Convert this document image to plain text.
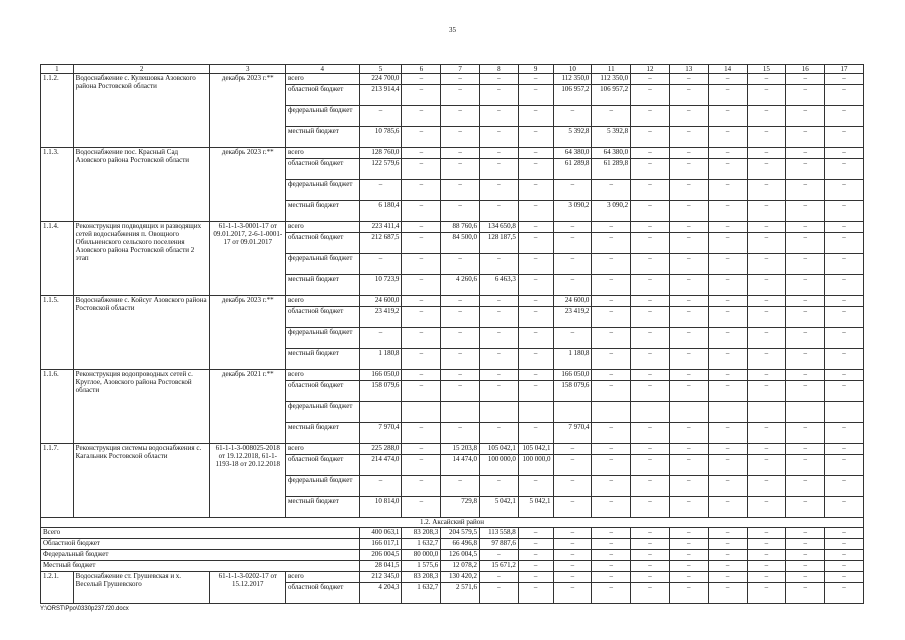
35
1	2	3	4	5	6	7	8	9	10	11	12	13	14	15	16	17
1.1.2.	Водоснабжение с. Кулешовка Азовского района Ростовской области	декабрь 2023 г.**	всего	224 700,0	–	–	–	–	112 350,0	112 350,0	–	–	–	–	–	–
			областной бюджет	213 914,4	–	–	–	–	106 957,2	106 957,2	–	–	–	–	–	–
			федеральный бюджет	–	–	–	–	–	–	–	–	–	–	–	–	–
			местный бюджет	10 785,6	–	–	–	–	5 392,8	5 392,8	–	–	–	–	–	–
1.1.3.	Водоснабжение пос. Красный Сад Азовского района Ростовской области	декабрь 2023 г.**	всего	128 760,0	–	–	–	–	64 380,0	64 380,0	–	–	–	–	–	–
			областной бюджет	122 579,6	–	–	–	–	61 289,8	61 289,8	–	–	–	–	–	–
			федеральный бюджет	–	–	–	–	–	–	–	–	–	–	–	–	–
			местный бюджет	6 180,4	–	–	–	–	3 090,2	3 090,2	–	–	–	–	–	–
1.1.4.	Реконструкция подводящих и разводящих сетей водоснабжения п. Овощного Обильненского сельского поселения Азовского района Ростовской области 2 этап	61-1-1-3-0001-17 от 09.01.2017, 2-6-1-0001-17 от 09.01.2017	всего	223 411,4	–	88 760,6	134 650,8	–	–	–	–	–	–	–	–	–
			областной бюджет	212 687,5	–	84 500,0	128 187,5	–	–	–	–	–	–	–	–	–
			федеральный бюджет	–	–	–	–	–	–	–	–	–	–	–	–	–
			местный бюджет	10 723,9	–	4 260,6	6 463,3	–	–	–	–	–	–	–	–	–
1.1.5.	Водоснабжение с. Койсуг Азовского района Ростовской области	декабрь 2023 г.**	всего	24 600,0	–	–	–	–	24 600,0	–	–	–	–	–	–	–
			областной бюджет	23 419,2	–	–	–	–	23 419,2	–	–	–	–	–	–	–
			федеральный бюджет	–	–	–	–	–	–	–	–	–	–	–	–	–
			местный бюджет	1 180,8	–	–	–	–	1 180,8	–	–	–	–	–	–	–
1.1.6.	Реконструкция водопроводных сетей с. Круглое, Азовского района Ростовской области	декабрь 2021 г.**	всего	166 050,0	–	–	–	–	166 050,0	–	–	–	–	–	–	–
			областной бюджет	158 079,6	–	–	–	–	158 079,6	–	–	–	–	–	–	–
			федеральный бюджет													
			местный бюджет	7 970,4	–	–	–	–	7 970,4	–	–	–	–	–	–	–
1.1.7.	Реконструкция системы водоснабжения с. Кагальник Ростовской области	61-1-1-3-008025-2018 от 19.12.2018, 61-1-1193-18 от 20.12.2018	всего	225 288,0	–	15 203,8	105 042,1	105 042,1	–	–	–	–	–	–	–	–
			областной бюджет	214 474,0	–	14 474,0	100 000,0	100 000,0	–	–	–	–	–	–	–	–
			федеральный бюджет	–	–	–	–	–	–	–	–	–	–	–	–	–
			местный бюджет	10 814,0	–	729,8	5 042,1	5 042,1	–	–	–	–	–	–	–	–
1.2. Аксайский район																
Всего				400 063,1	83 208,3	204 579,5	113 558,8	–	–	–	–	–	–	–	–	–
Областной бюджет				166 017,1	1 632,7	66 496,8	97 887,6	–	–	–	–	–	–	–	–	–
Федеральный бюджет				206 004,5	80 000,0	126 004,5	–	–	–	–	–	–	–	–	–	–
Местный бюджет				28 041,5	1 575,6	12 078,2	15 671,2	–	–	–	–	–	–	–	–	–
1.2.1.	Водоснабжение ст. Грушевская и х. Веселый Грушевского	61-1-1-3-0202-17 от 15.12.2017	всего	212 345,0	83 208,3	130 420,2	–	–	–	–	–	–	–	–	–	–
			областной бюджет	4 204,3	1 632,7	2 571,6	–	–	–	–	–	–	–	–	–	–
Y:\ORST\Ppo\0330p237.f20.docx
